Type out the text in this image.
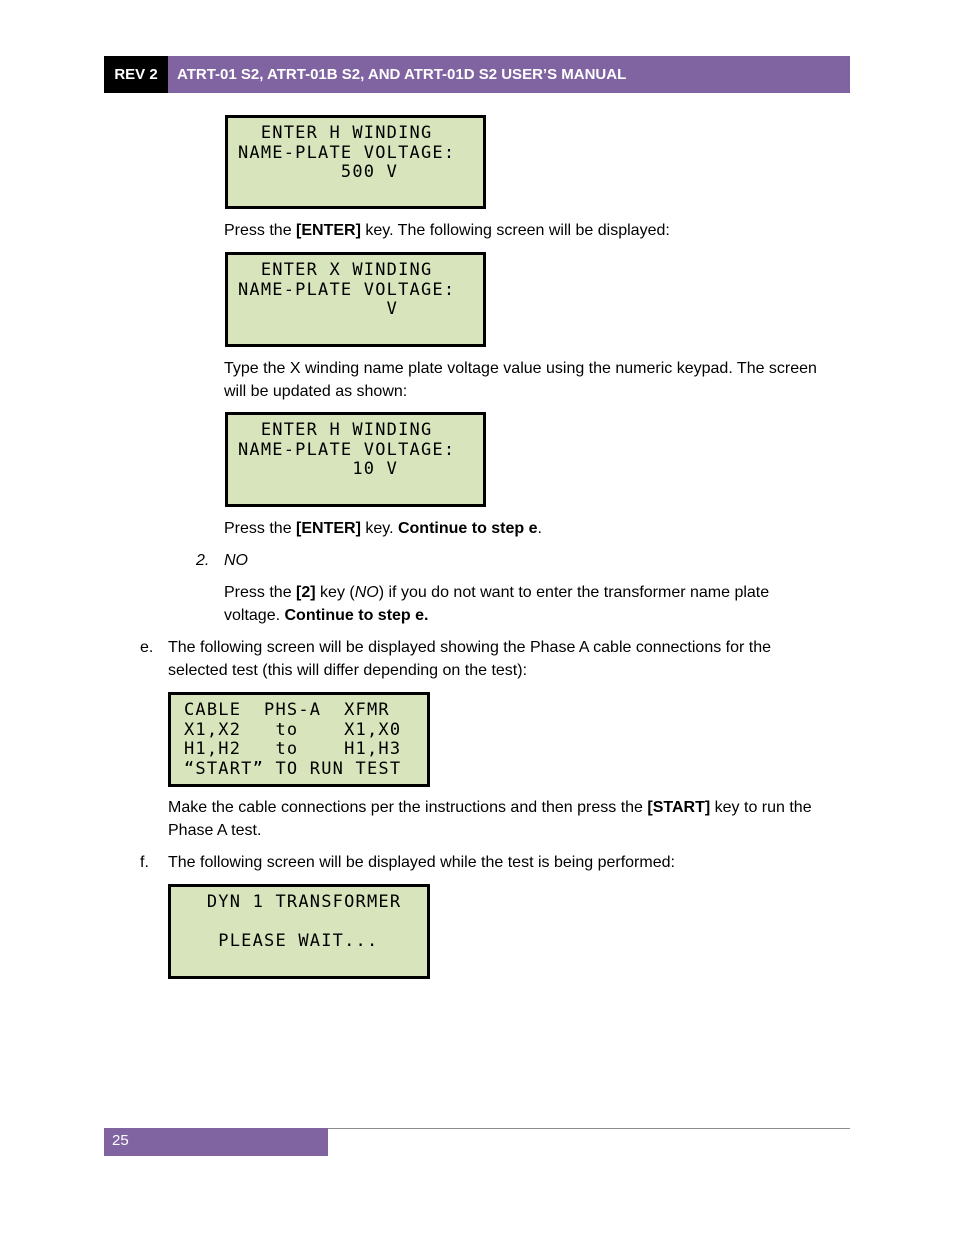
REV 2	ATRT-01 S2, ATRT-01B S2, AND ATRT-01D S2 USER’S MANUAL
ENTER H WINDING
NAME-PLATE VOLTAGE:
500 V
Press the [ENTER] key. The following screen will be displayed:
ENTER X WINDING
NAME-PLATE VOLTAGE:
V
Type the X winding name plate voltage value using the numeric keypad. The screen will be updated as shown:
ENTER H WINDING
NAME-PLATE VOLTAGE:
10 V
Press the [ENTER] key. Continue to step e.
2. NO
Press the [2] key (NO) if you do not want to enter the transformer name plate voltage. Continue to step e.
e. The following screen will be displayed showing the Phase A cable connections for the selected test (this will differ depending on the test):
CABLE  PHS-A  XFMR
X1,X2   to    X1,X0
H1,H2   to    H1,H3
“START” TO RUN TEST
Make the cable connections per the instructions and then press the [START] key to run the Phase A test.
f. The following screen will be displayed while the test is being performed:
DYN 1 TRANSFORMER
PLEASE WAIT...
25
